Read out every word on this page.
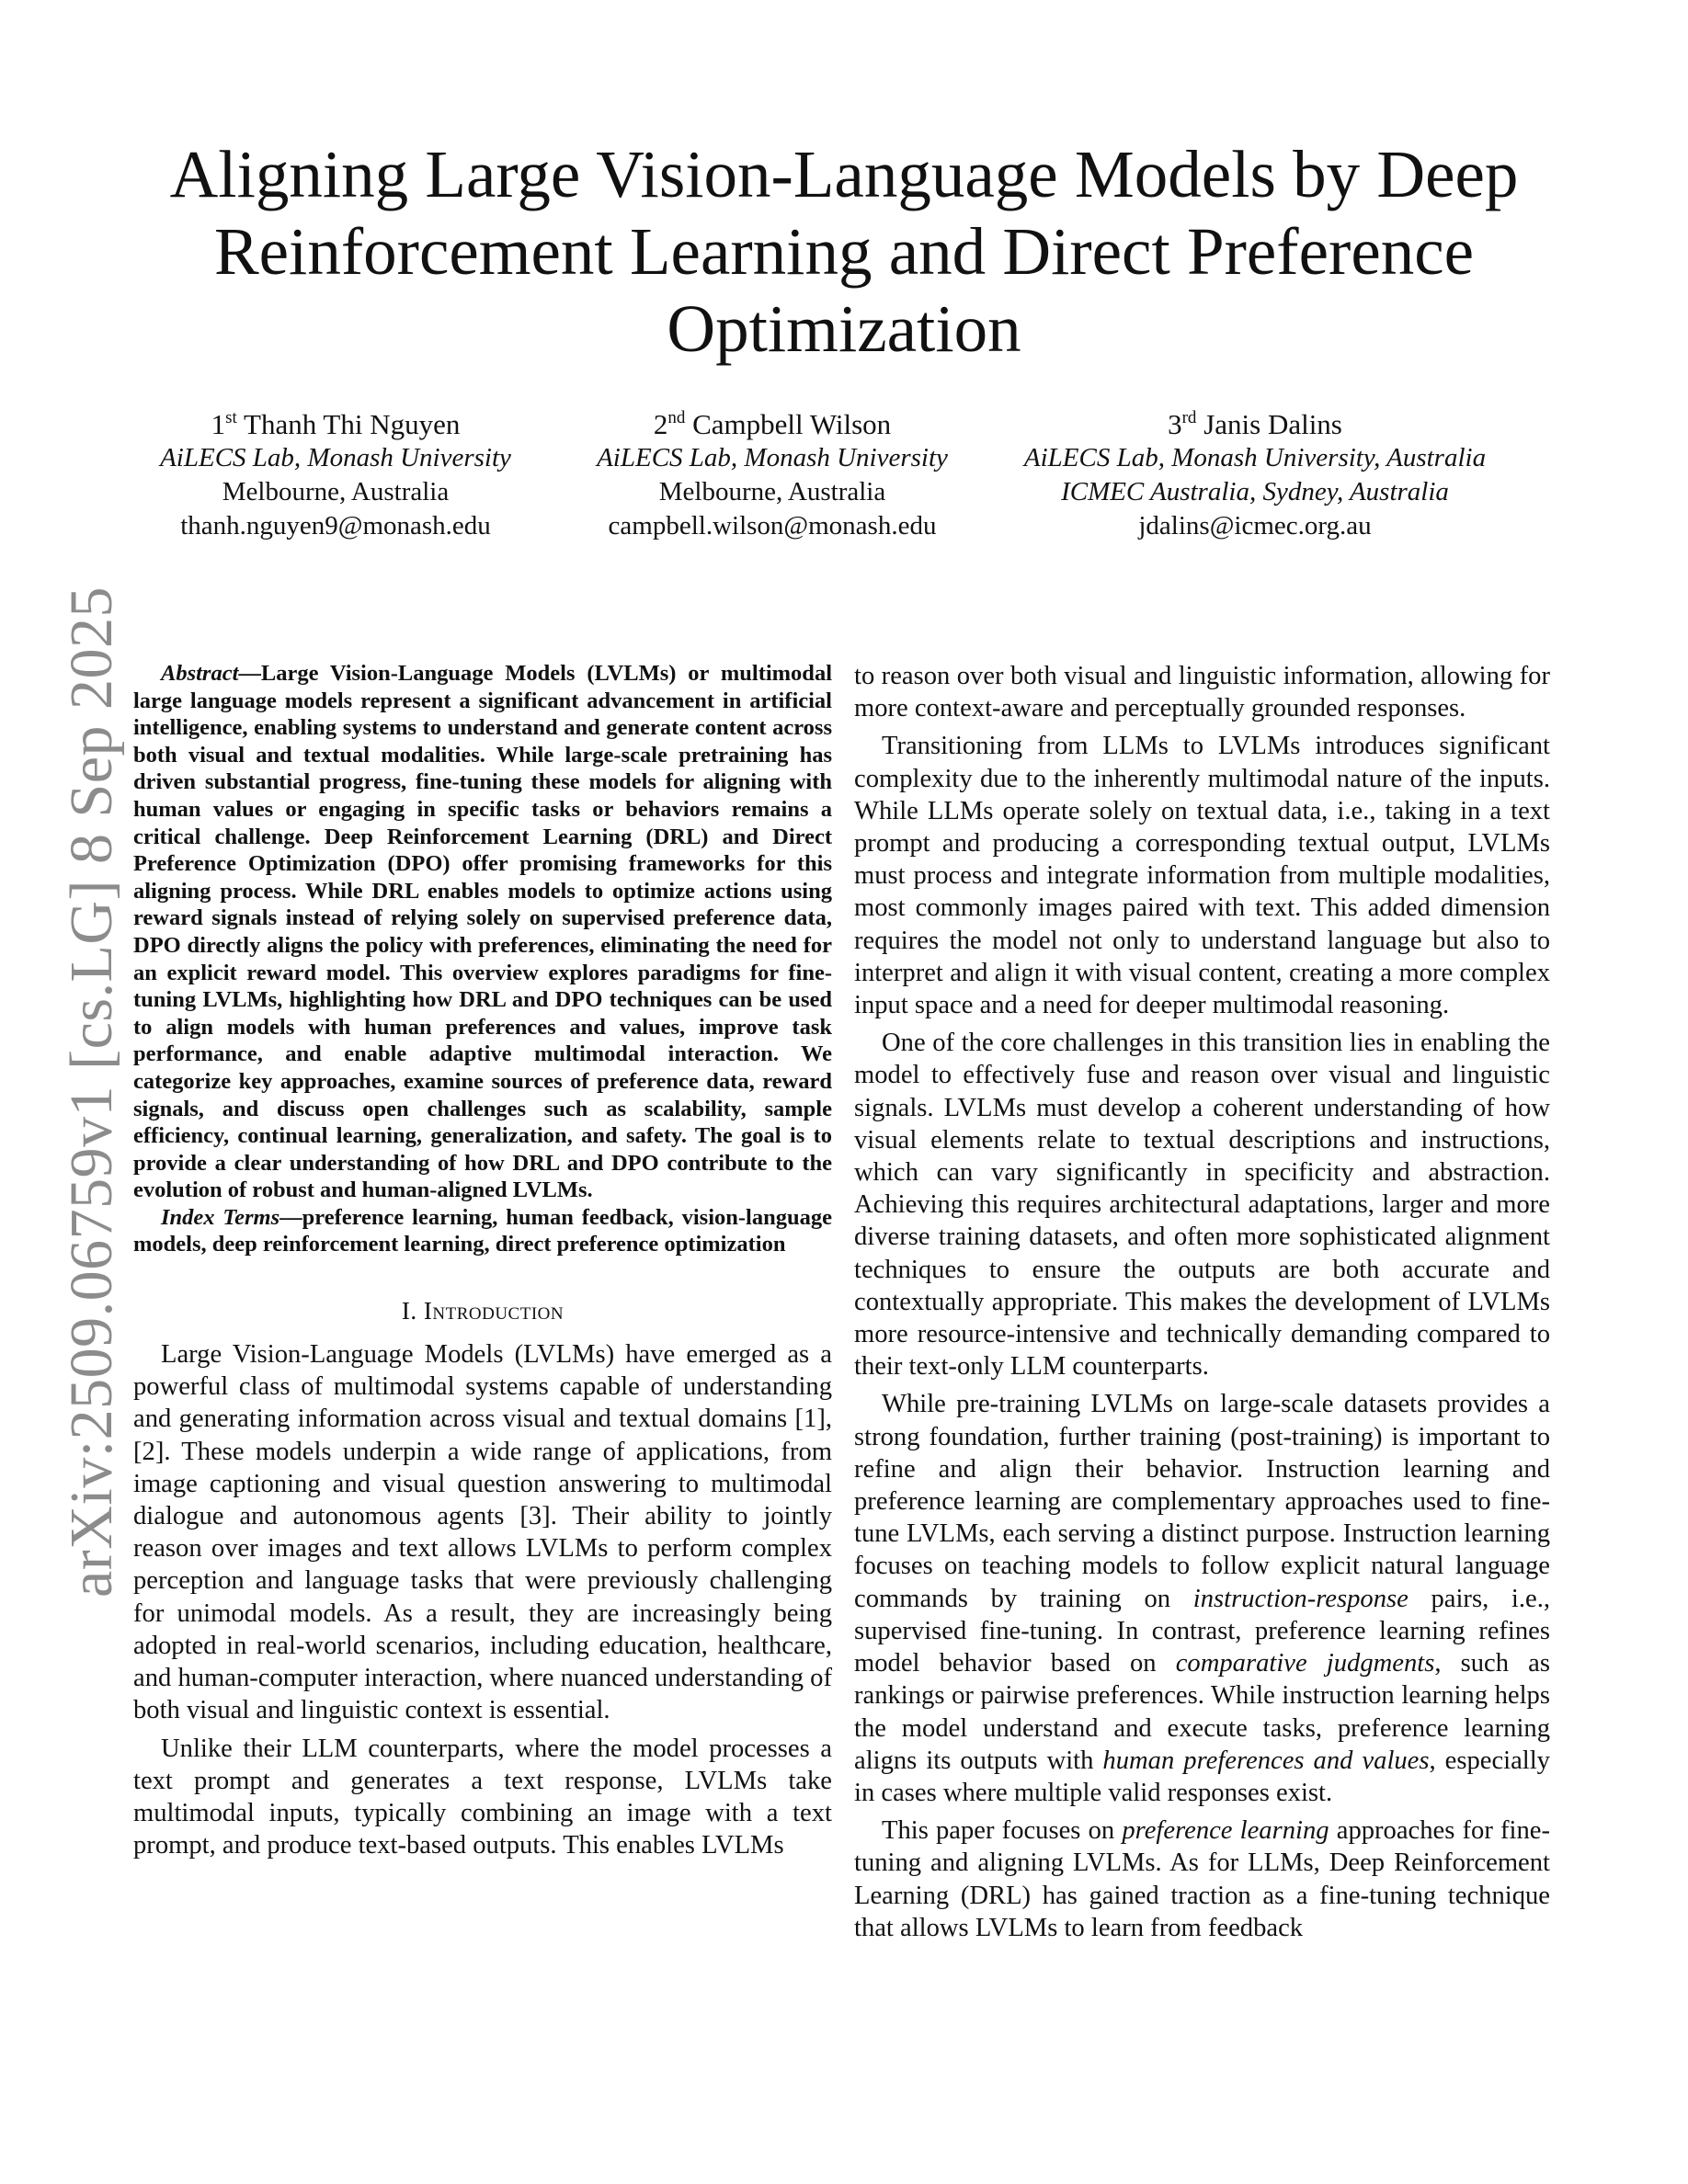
arXiv:2509.06759v1 [cs.LG] 8 Sep 2025
Aligning Large Vision-Language Models by Deep Reinforcement Learning and Direct Preference Optimization
1st Thanh Thi Nguyen
AiLECS Lab, Monash University
Melbourne, Australia
thanh.nguyen9@monash.edu
2nd Campbell Wilson
AiLECS Lab, Monash University
Melbourne, Australia
campbell.wilson@monash.edu
3rd Janis Dalins
AiLECS Lab, Monash University, Australia
ICMEC Australia, Sydney, Australia
jdalins@icmec.org.au

Abstract—Large Vision-Language Models (LVLMs) or multimodal large language models represent a significant advancement in artificial intelligence, enabling systems to understand and generate content across both visual and textual modalities. While large-scale pretraining has driven substantial progress, fine-tuning these models for aligning with human values or engaging in specific tasks or behaviors remains a critical challenge. Deep Reinforcement Learning (DRL) and Direct Preference Optimization (DPO) offer promising frameworks for this aligning process. While DRL enables models to optimize actions using reward signals instead of relying solely on supervised preference data, DPO directly aligns the policy with preferences, eliminating the need for an explicit reward model. This overview explores paradigms for fine-tuning LVLMs, highlighting how DRL and DPO techniques can be used to align models with human preferences and values, improve task performance, and enable adaptive multimodal interaction. We categorize key approaches, examine sources of preference data, reward signals, and discuss open challenges such as scalability, sample efficiency, continual learning, generalization, and safety. The goal is to provide a clear understanding of how DRL and DPO contribute to the evolution of robust and human-aligned LVLMs.

Index Terms—preference learning, human feedback, vision-language models, deep reinforcement learning, direct preference optimization

I. Introduction

Large Vision-Language Models (LVLMs) have emerged as a powerful class of multimodal systems capable of understanding and generating information across visual and textual domains [1], [2]. These models underpin a wide range of applications, from image captioning and visual question answering to multimodal dialogue and autonomous agents [3]. Their ability to jointly reason over images and text allows LVLMs to perform complex perception and language tasks that were previously challenging for unimodal models. As a result, they are increasingly being adopted in real-world scenarios, including education, healthcare, and human-computer interaction, where nuanced understanding of both visual and linguistic context is essential.

Unlike their LLM counterparts, where the model processes a text prompt and generates a text response, LVLMs take multimodal inputs, typically combining an image with a text prompt, and produce text-based outputs. This enables LVLMs

to reason over both visual and linguistic information, allowing for more context-aware and perceptually grounded responses.

Transitioning from LLMs to LVLMs introduces significant complexity due to the inherently multimodal nature of the inputs. While LLMs operate solely on textual data, i.e., taking in a text prompt and producing a corresponding textual output, LVLMs must process and integrate information from multiple modalities, most commonly images paired with text. This added dimension requires the model not only to understand language but also to interpret and align it with visual content, creating a more complex input space and a need for deeper multimodal reasoning.

One of the core challenges in this transition lies in enabling the model to effectively fuse and reason over visual and linguistic signals. LVLMs must develop a coherent understanding of how visual elements relate to textual descriptions and instructions, which can vary significantly in specificity and abstraction. Achieving this requires architectural adaptations, larger and more diverse training datasets, and often more sophisticated alignment techniques to ensure the outputs are both accurate and contextually appropriate. This makes the development of LVLMs more resource-intensive and technically demanding compared to their text-only LLM counterparts.

While pre-training LVLMs on large-scale datasets provides a strong foundation, further training (post-training) is important to refine and align their behavior. Instruction learning and preference learning are complementary approaches used to fine-tune LVLMs, each serving a distinct purpose. Instruction learning focuses on teaching models to follow explicit natural language commands by training on instruction-response pairs, i.e., supervised fine-tuning. In contrast, preference learning refines model behavior based on comparative judgments, such as rankings or pairwise preferences. While instruction learning helps the model understand and execute tasks, preference learning aligns its outputs with human preferences and values, especially in cases where multiple valid responses exist.

This paper focuses on preference learning approaches for fine-tuning and aligning LVLMs. As for LLMs, Deep Reinforcement Learning (DRL) has gained traction as a fine-tuning technique that allows LVLMs to learn from feedback
